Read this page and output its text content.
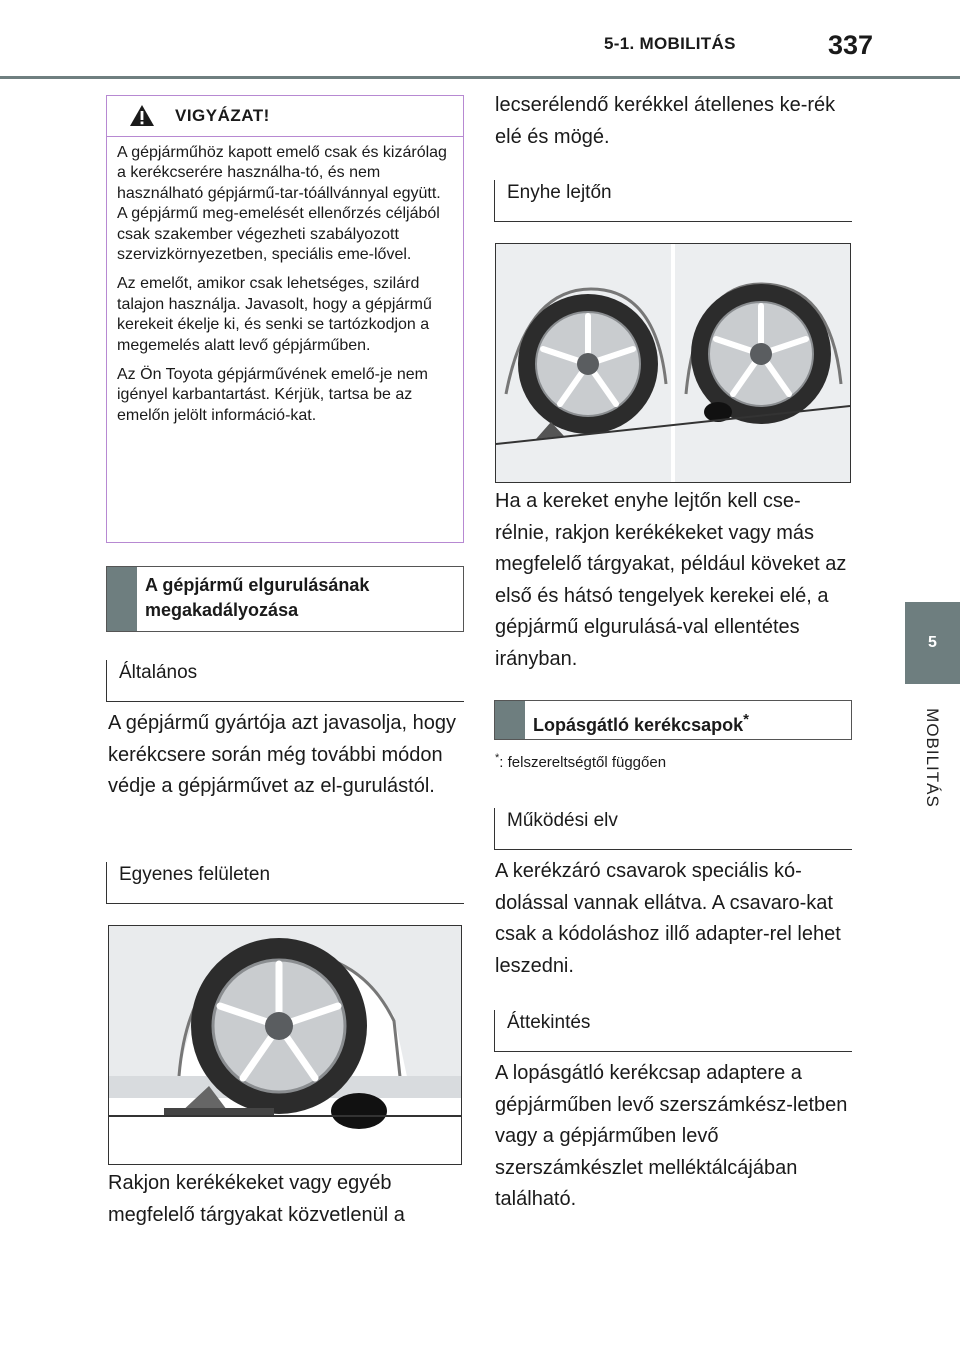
5-1. MOBILITÁS	337
5
MOBILITÁS
VIGYÁZAT!

A gépjárműhöz kapott emelő csak és kizárólag a kerékcserére használha-tó, és nem használható gépjármű-tar-tóállvánnyal együtt. A gépjármű meg-emelését ellenőrzés céljából csak szakember végezheti szabályozott szervizkörnyezetben, speciális eme-lővel.

Az emelőt, amikor csak lehetséges, szilárd talajon használja. Javasolt, hogy a gépjármű kerekeit ékelje ki, és senki se tartózkodjon a megemelés alatt levő gépjárműben.

Az Ön Toyota gépjárművének emelő-je nem igényel karbantartást. Kérjük, tartsa be az emelőn jelölt információ-kat.

A gépjármű elgurulásának megakadályozása
Általános

A gépjármű gyártója azt javasolja, hogy kerékcsere során még további módon védje a gépjárművet az el-gurulástól.

Egyenes felületen

Rakjon kerékékeket vagy egyéb megfelelő tárgyakat közvetlenül a

lecserélendő kerékkel átellenes ke-rék elé és mögé.

Enyhe lejtőn

Ha a kereket enyhe lejtőn kell cse-rélnie, rakjon kerékékeket vagy más megfelelő tárgyakat, például köveket az első és hátsó tengelyek kerekei elé, a gépjármű elgurulásá-val ellentétes irányban.

Lopásgátló kerékcsapok*
*: felszereltségtől függően
Működési elv

A kerékzáró csavarok speciális kó-dolással vannak ellátva. A csavaro-kat csak a kódoláshoz illő adapter-rel lehet leszedni.

Áttekintés

A lopásgátló kerékcsap adaptere a gépjárműben levő szerszámkész-letben vagy a gépjárműben levő szerszámkészlet melléktálcájában található.
